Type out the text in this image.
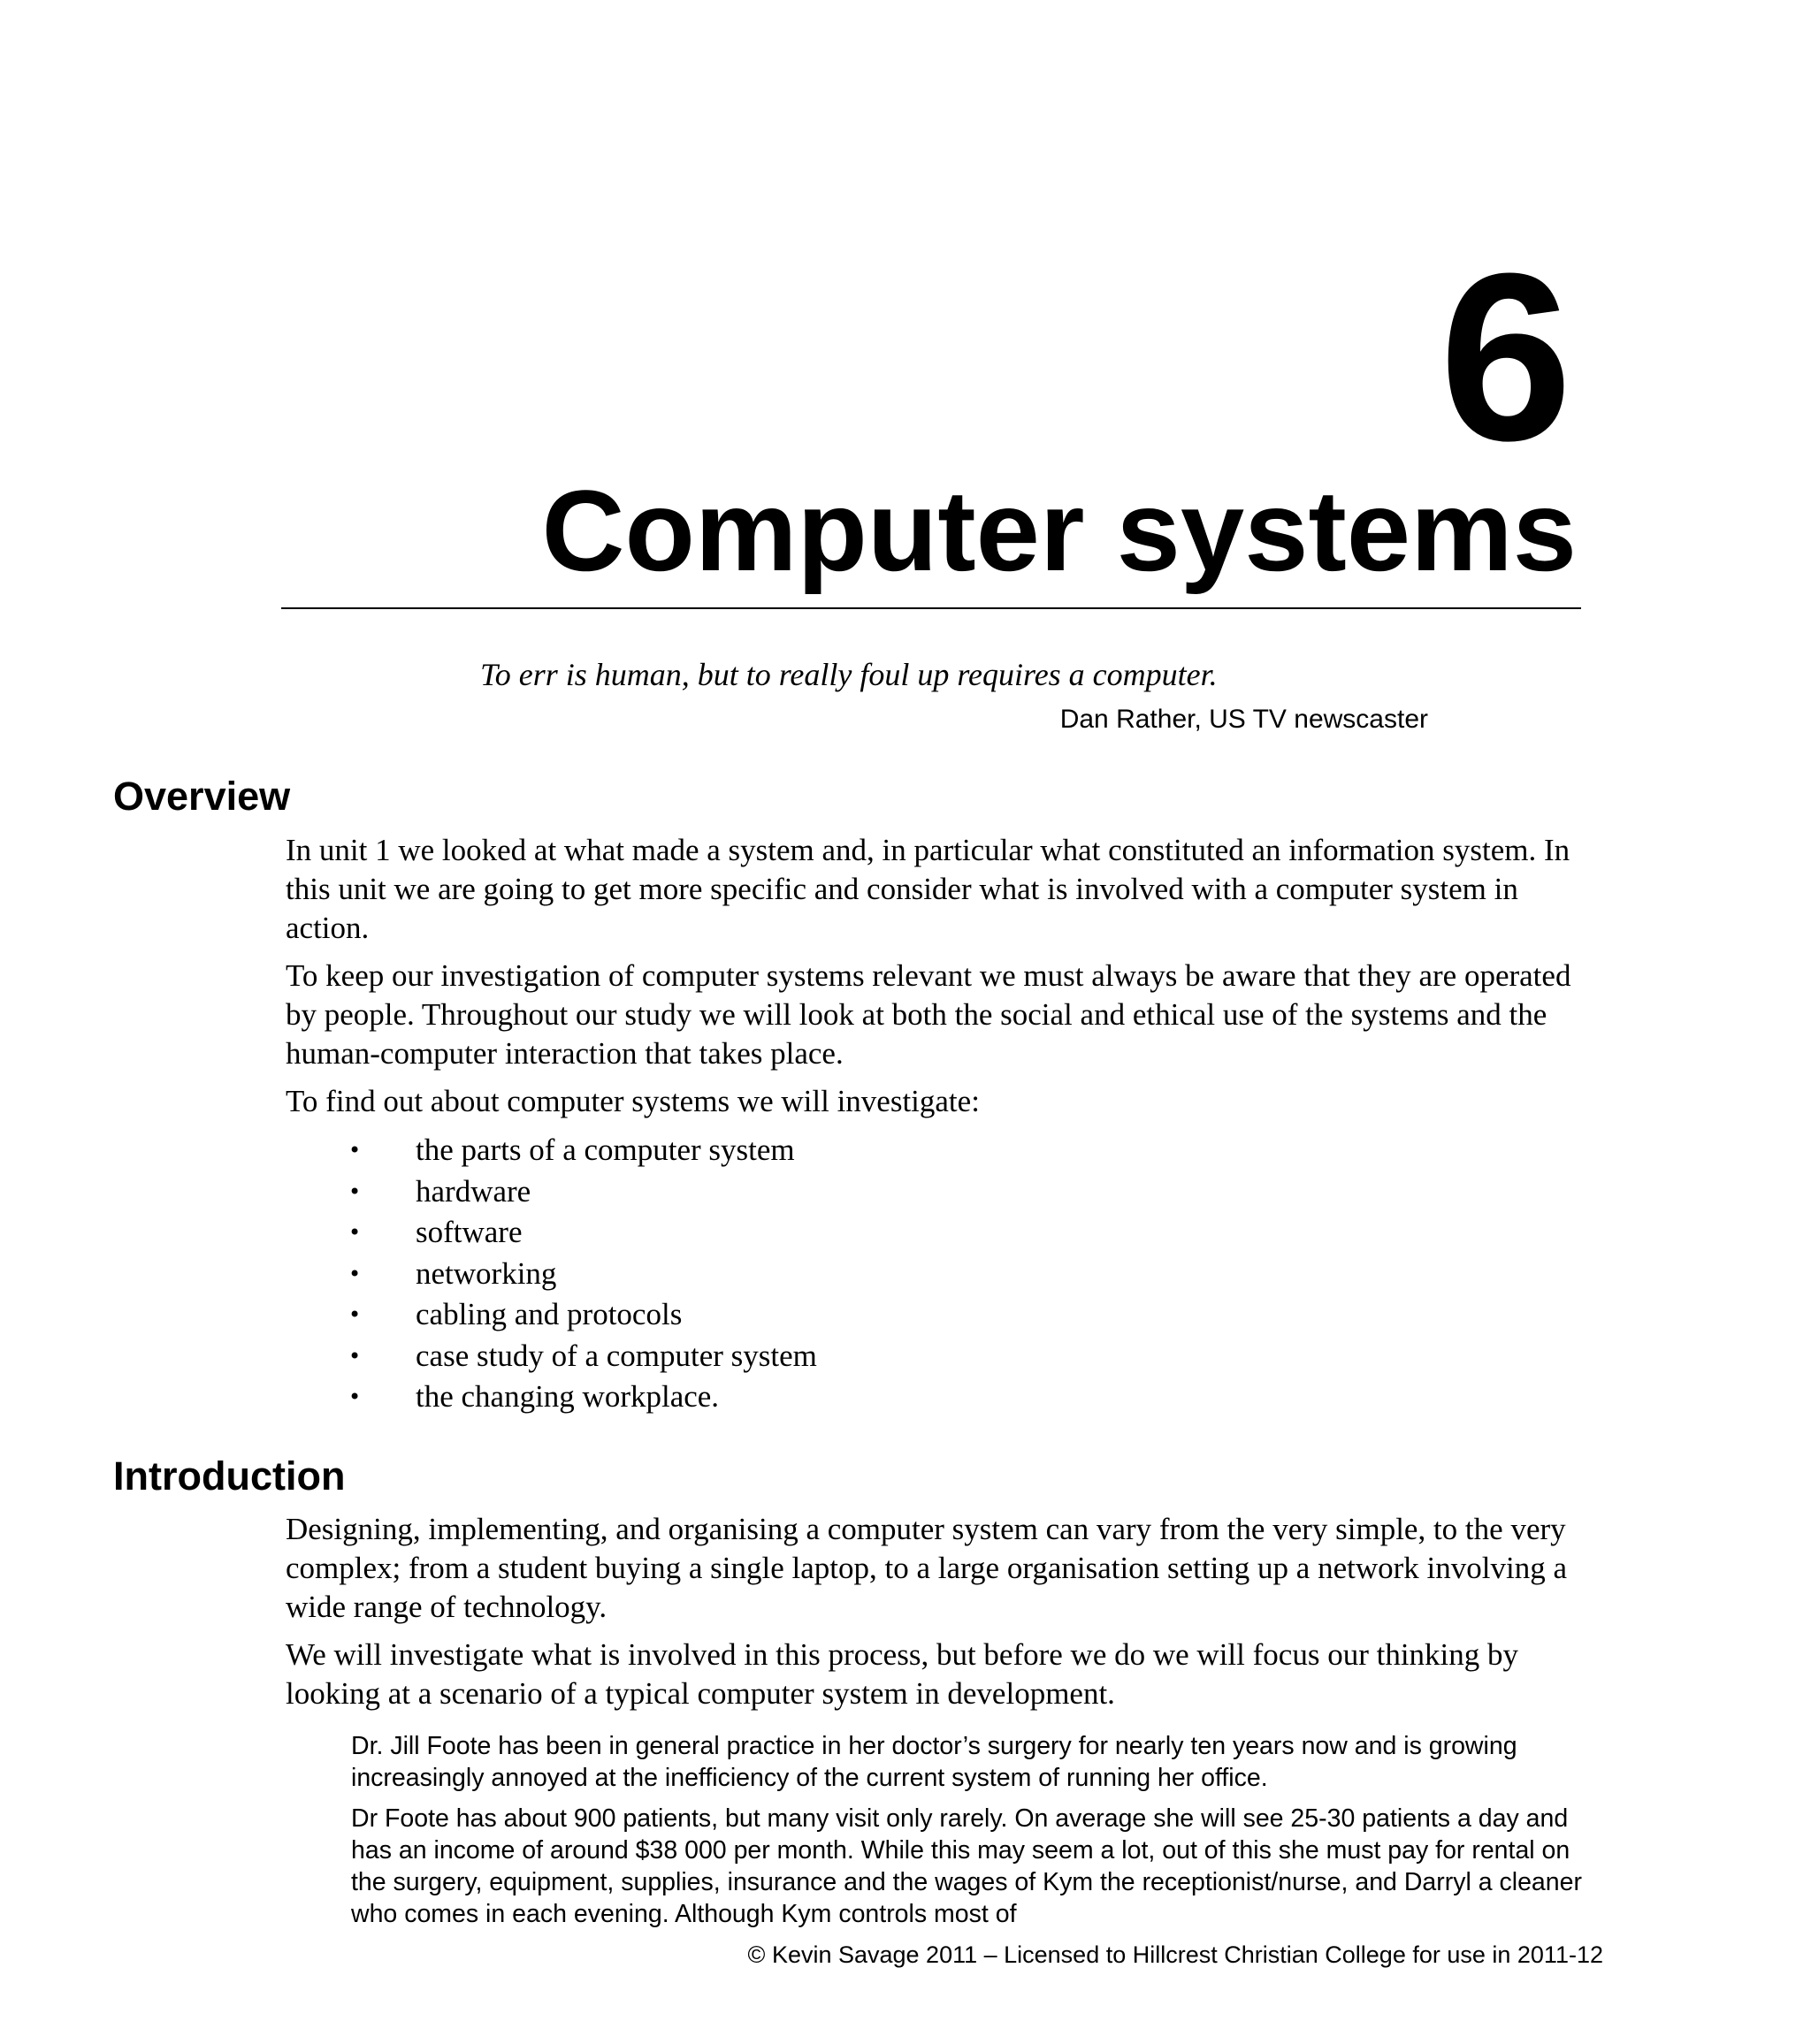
6
Computer systems
To err is human, but to really foul up requires a computer.
Dan Rather, US TV newscaster
Overview

In unit 1 we looked at what made a system and, in particular what constituted an information system. In this unit we are going to get more specific and consider what is involved with a computer system in action.

To keep our investigation of computer systems relevant we must always be aware that they are operated by people. Throughout our study we will look at both the social and ethical use of the systems and the human-computer interaction that takes place.

To find out about computer systems we will investigate:

• the parts of a computer system
• hardware
• software
• networking
• cabling and protocols
• case study of a computer system
• the changing workplace.
Introduction

Designing, implementing, and organising a computer system can vary from the very simple, to the very complex; from a student buying a single laptop, to a large organisation setting up a network involving a wide range of technology.

We will investigate what is involved in this process, but before we do we will focus our thinking by looking at a scenario of a typical computer system in development.

Dr. Jill Foote has been in general practice in her doctor’s surgery for nearly ten years now and is growing increasingly annoyed at the inefficiency of the current system of running her office.

Dr Foote has about 900 patients, but many visit only rarely. On average she will see 25-30 patients a day and has an income of around $38 000 per month. While this may seem a lot, out of this she must pay for rental on the surgery, equipment, supplies, insurance and the wages of Kym the receptionist/nurse, and Darryl a cleaner who comes in each evening. Although Kym controls most of

© Kevin Savage 2011 – Licensed to Hillcrest Christian College for use in 2011-12
